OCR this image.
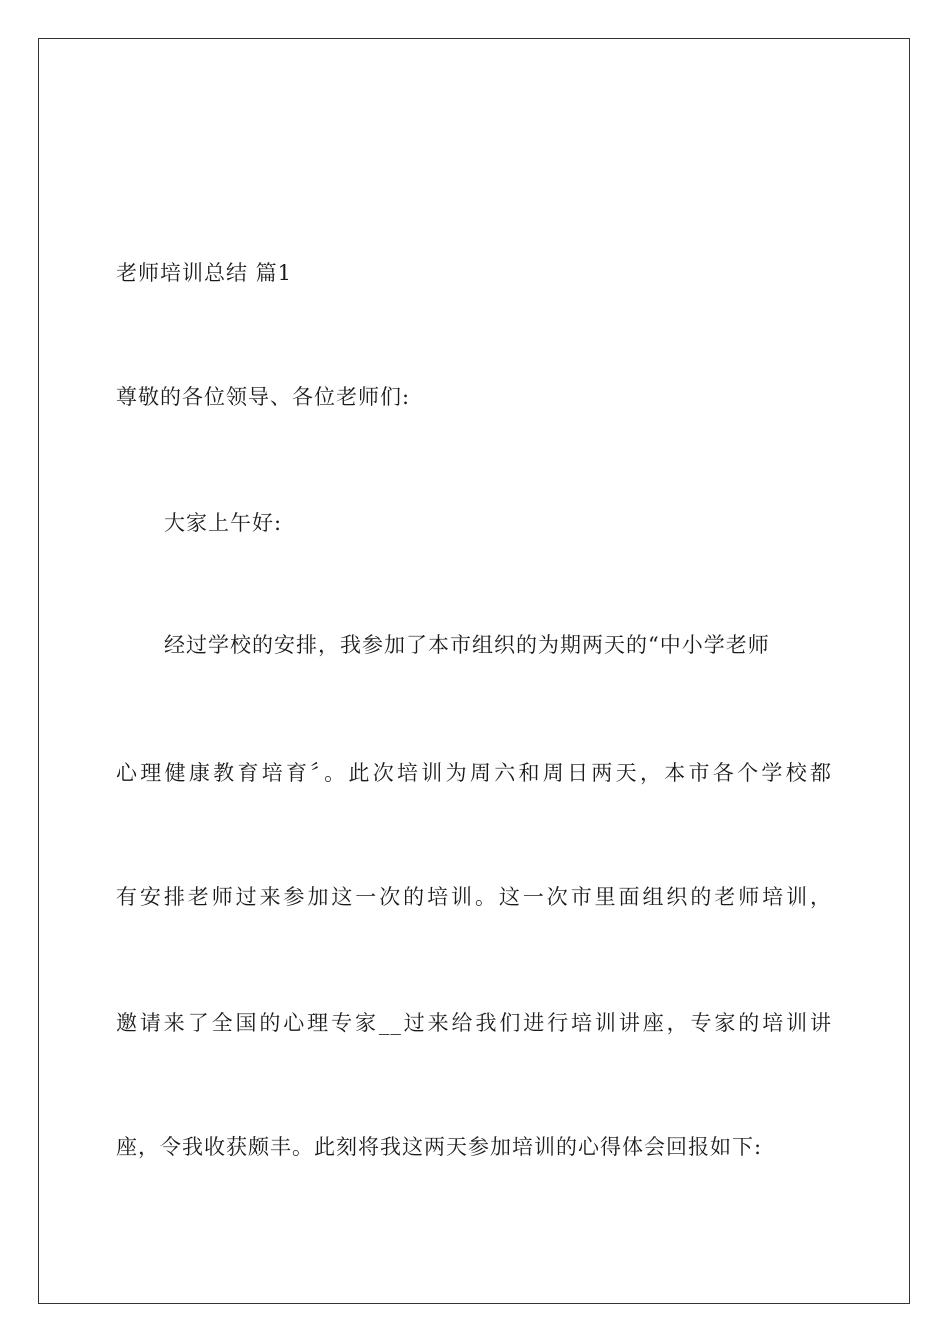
老师培训总结 篇1
尊敬的各位领导、各位老师们:
大家上午好:
经过学校的安排，我参加了本市组织的为期两天的“中小学老师
心理健康教育培育〞。此次培训为周六和周日两天，本市各个学校都
有安排老师过来参加这一次的培训。这一次市里面组织的老师培训，
邀请来了全国的心理专家__过来给我们进行培训讲座，专家的培训讲
座，令我收获颇丰。此刻将我这两天参加培训的心得体会回报如下:
